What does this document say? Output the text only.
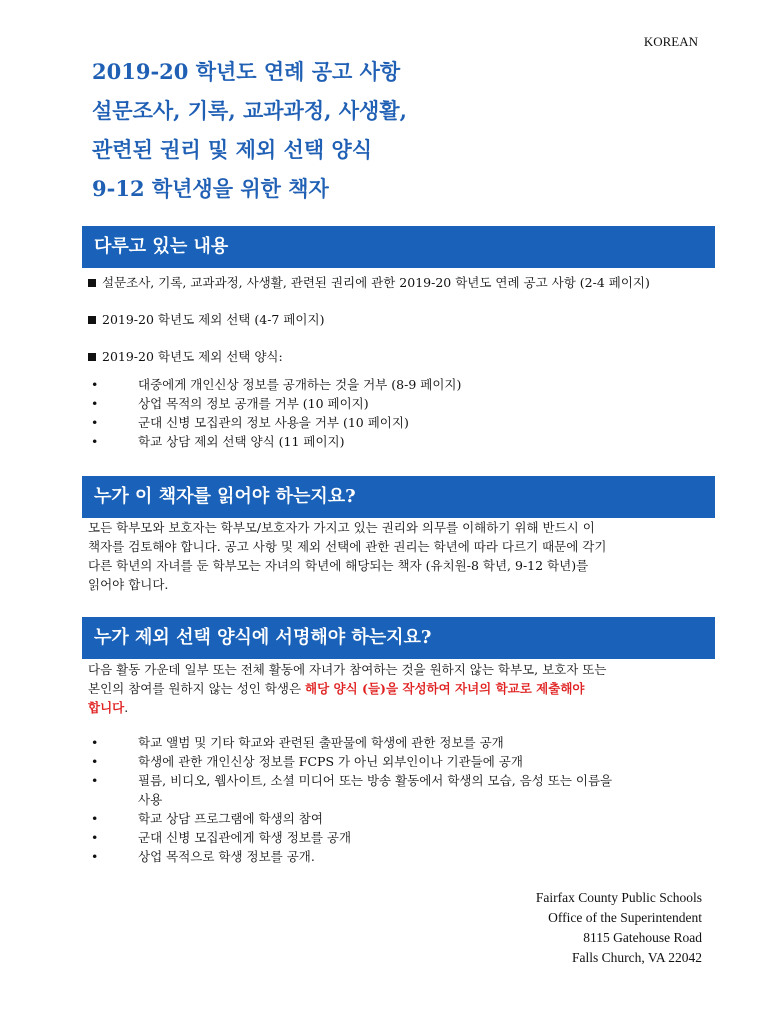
KOREAN
2019-20 학년도 연례 공고 사항
설문조사, 기록, 교과과정, 사생활,
관련된 권리 및 제외 선택 양식
9-12 학년생을 위한 책자
다루고 있는 내용
설문조사, 기록, 교과과정, 사생활, 관련된 권리에 관한 2019-20 학년도 연례 공고 사항 (2-4 페이지)
2019-20 학년도 제외 선택 (4-7 페이지)
2019-20 학년도 제외 선택 양식:
•	대중에게 개인신상 정보를 공개하는 것을 거부 (8-9 페이지)
•	상업 목적의 정보 공개를 거부 (10 페이지)
•	군대 신병 모집관의 정보 사용을 거부 (10 페이지)
•	학교 상담 제외 선택 양식 (11 페이지)
누가 이 책자를 읽어야 하는지요?
모든 학부모와 보호자는 학부모/보호자가 가지고 있는 권리와 의무를 이해하기 위해 반드시 이
책자를 검토해야 합니다. 공고 사항 및 제외 선택에 관한 권리는 학년에 따라 다르기 때문에 각기
다른 학년의 자녀를 둔 학부모는 자녀의 학년에 해당되는 책자 (유치원-8 학년, 9-12 학년)를
읽어야 합니다.
누가 제외 선택 양식에 서명해야 하는지요?
다음 활동 가운데 일부 또는 전체 활동에 자녀가 참여하는 것을 원하지 않는 학부모, 보호자 또는
본인의 참여를 원하지 않는 성인 학생은 해당 양식 (들)을 작성하여 자녀의 학교로 제출해야
합니다.
•	학교 앨범 및 기타 학교와 관련된 출판물에 학생에 관한 정보를 공개
•	학생에 관한 개인신상 정보를 FCPS 가 아닌 외부인이나 기관들에 공개
•	필름, 비디오, 웹사이트, 소셜 미디어 또는 방송 활동에서 학생의 모습, 음성 또는 이름을
사용
•	학교 상담 프로그램에 학생의 참여
•	군대 신병 모집관에게 학생 정보를 공개
•	상업 목적으로 학생 정보를 공개.
Fairfax County Public Schools
Office of the Superintendent
8115 Gatehouse Road
Falls Church, VA 22042
